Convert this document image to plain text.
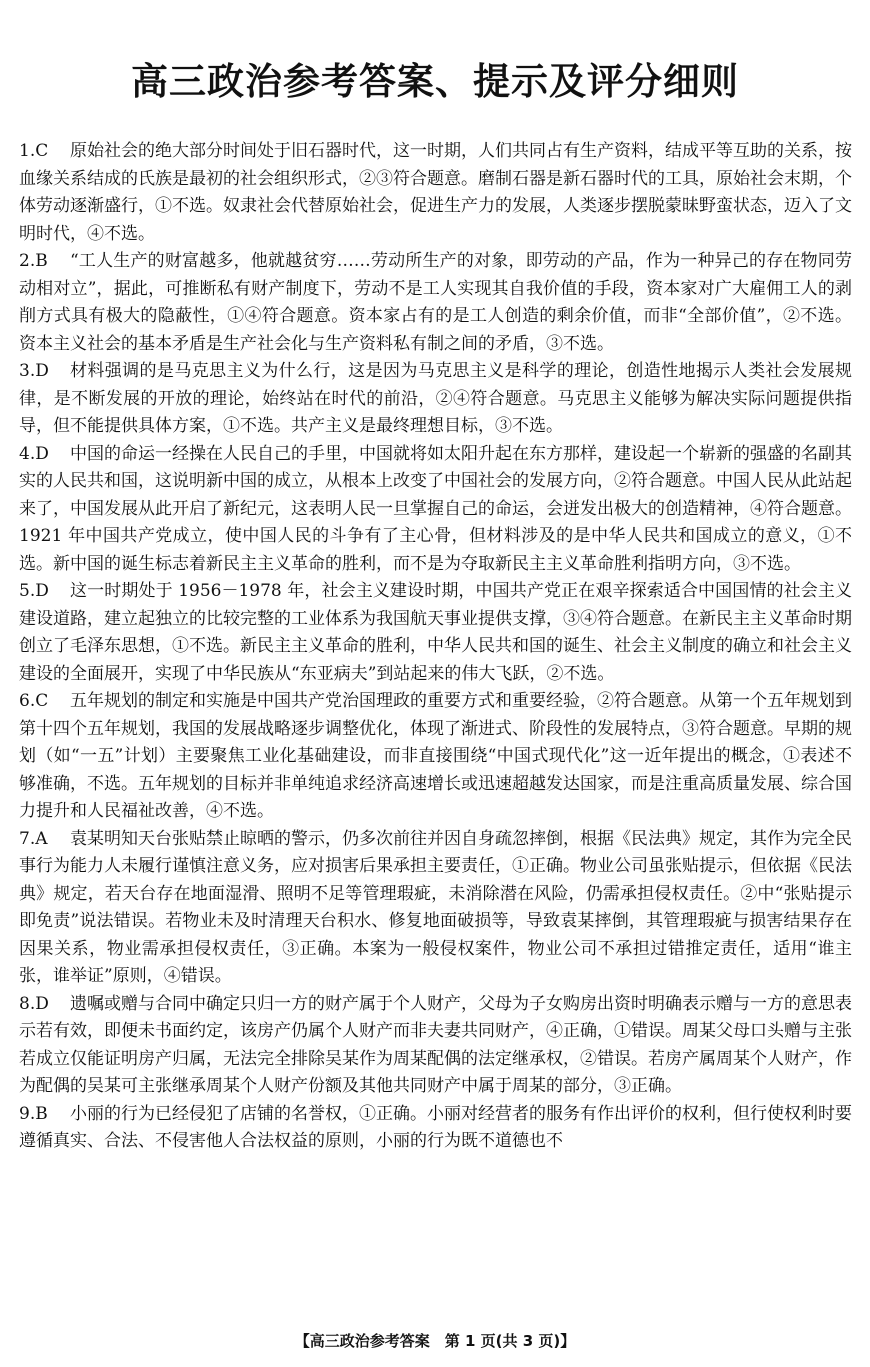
高三政治参考答案、提示及评分细则
1.C	原始社会的绝大部分时间处于旧石器时代，这一时期，人们共同占有生产资料，结成平等互助的关系，按血缘关系结成的氏族是最初的社会组织形式，②③符合题意。磨制石器是新石器时代的工具，原始社会末期，个体劳动逐渐盛行，①不选。奴隶社会代替原始社会，促进生产力的发展，人类逐步摆脱蒙昧野蛮状态，迈入了文明时代，④不选。
2.B	“工人生产的财富越多，他就越贫穷……劳动所生产的对象，即劳动的产品，作为一种异己的存在物同劳动相对立”，据此，可推断私有财产制度下，劳动不是工人实现其自我价值的手段，资本家对广大雇佣工人的剥削方式具有极大的隐蔽性，①④符合题意。资本家占有的是工人创造的剩余价值，而非“全部价值”，②不选。资本主义社会的基本矛盾是生产社会化与生产资料私有制之间的矛盾，③不选。
3.D	材料强调的是马克思主义为什么行，这是因为马克思主义是科学的理论，创造性地揭示人类社会发展规律，是不断发展的开放的理论，始终站在时代的前沿，②④符合题意。马克思主义能够为解决实际问题提供指导，但不能提供具体方案，①不选。共产主义是最终理想目标，③不选。
4.D	中国的命运一经操在人民自己的手里，中国就将如太阳升起在东方那样，建设起一个崭新的强盛的名副其实的人民共和国，这说明新中国的成立，从根本上改变了中国社会的发展方向，②符合题意。中国人民从此站起来了，中国发展从此开启了新纪元，这表明人民一旦掌握自己的命运，会迸发出极大的创造精神，④符合题意。1921 年中国共产党成立，使中国人民的斗争有了主心骨，但材料涉及的是中华人民共和国成立的意义，①不选。新中国的诞生标志着新民主主义革命的胜利，而不是为夺取新民主主义革命胜利指明方向，③不选。
5.D	这一时期处于 1956－1978 年，社会主义建设时期，中国共产党正在艰辛探索适合中国国情的社会主义建设道路，建立起独立的比较完整的工业体系为我国航天事业提供支撑，③④符合题意。在新民主主义革命时期创立了毛泽东思想，①不选。新民主主义革命的胜利，中华人民共和国的诞生、社会主义制度的确立和社会主义建设的全面展开，实现了中华民族从“东亚病夫”到站起来的伟大飞跃，②不选。
6.C	五年规划的制定和实施是中国共产党治国理政的重要方式和重要经验，②符合题意。从第一个五年规划到第十四个五年规划，我国的发展战略逐步调整优化，体现了渐进式、阶段性的发展特点，③符合题意。早期的规划（如“一五”计划）主要聚焦工业化基础建设，而非直接围绕“中国式现代化”这一近年提出的概念，①表述不够准确，不选。五年规划的目标并非单纯追求经济高速增长或迅速超越发达国家，而是注重高质量发展、综合国力提升和人民福祉改善，④不选。
7.A	袁某明知天台张贴禁止晾晒的警示，仍多次前往并因自身疏忽摔倒，根据《民法典》规定，其作为完全民事行为能力人未履行谨慎注意义务，应对损害后果承担主要责任，①正确。物业公司虽张贴提示，但依据《民法典》规定，若天台存在地面湿滑、照明不足等管理瑕疵，未消除潜在风险，仍需承担侵权责任。②中“张贴提示即免责”说法错误。若物业未及时清理天台积水、修复地面破损等，导致袁某摔倒，其管理瑕疵与损害结果存在因果关系，物业需承担侵权责任，③正确。本案为一般侵权案件，物业公司不承担过错推定责任，适用“谁主张，谁举证”原则，④错误。
8.D	遗嘱或赠与合同中确定只归一方的财产属于个人财产，父母为子女购房出资时明确表示赠与一方的意思表示若有效，即便未书面约定，该房产仍属个人财产而非夫妻共同财产，④正确，①错误。周某父母口头赠与主张若成立仅能证明房产归属，无法完全排除吴某作为周某配偶的法定继承权，②错误。若房产属周某个人财产，作为配偶的吴某可主张继承周某个人财产份额及其他共同财产中属于周某的部分，③正确。
9.B	小丽的行为已经侵犯了店铺的名誉权，①正确。小丽对经营者的服务有作出评价的权利，但行使权利时要遵循真实、合法、不侵害他人合法权益的原则，小丽的行为既不道德也不
【高三政治参考答案　第 1 页(共 3 页)】
